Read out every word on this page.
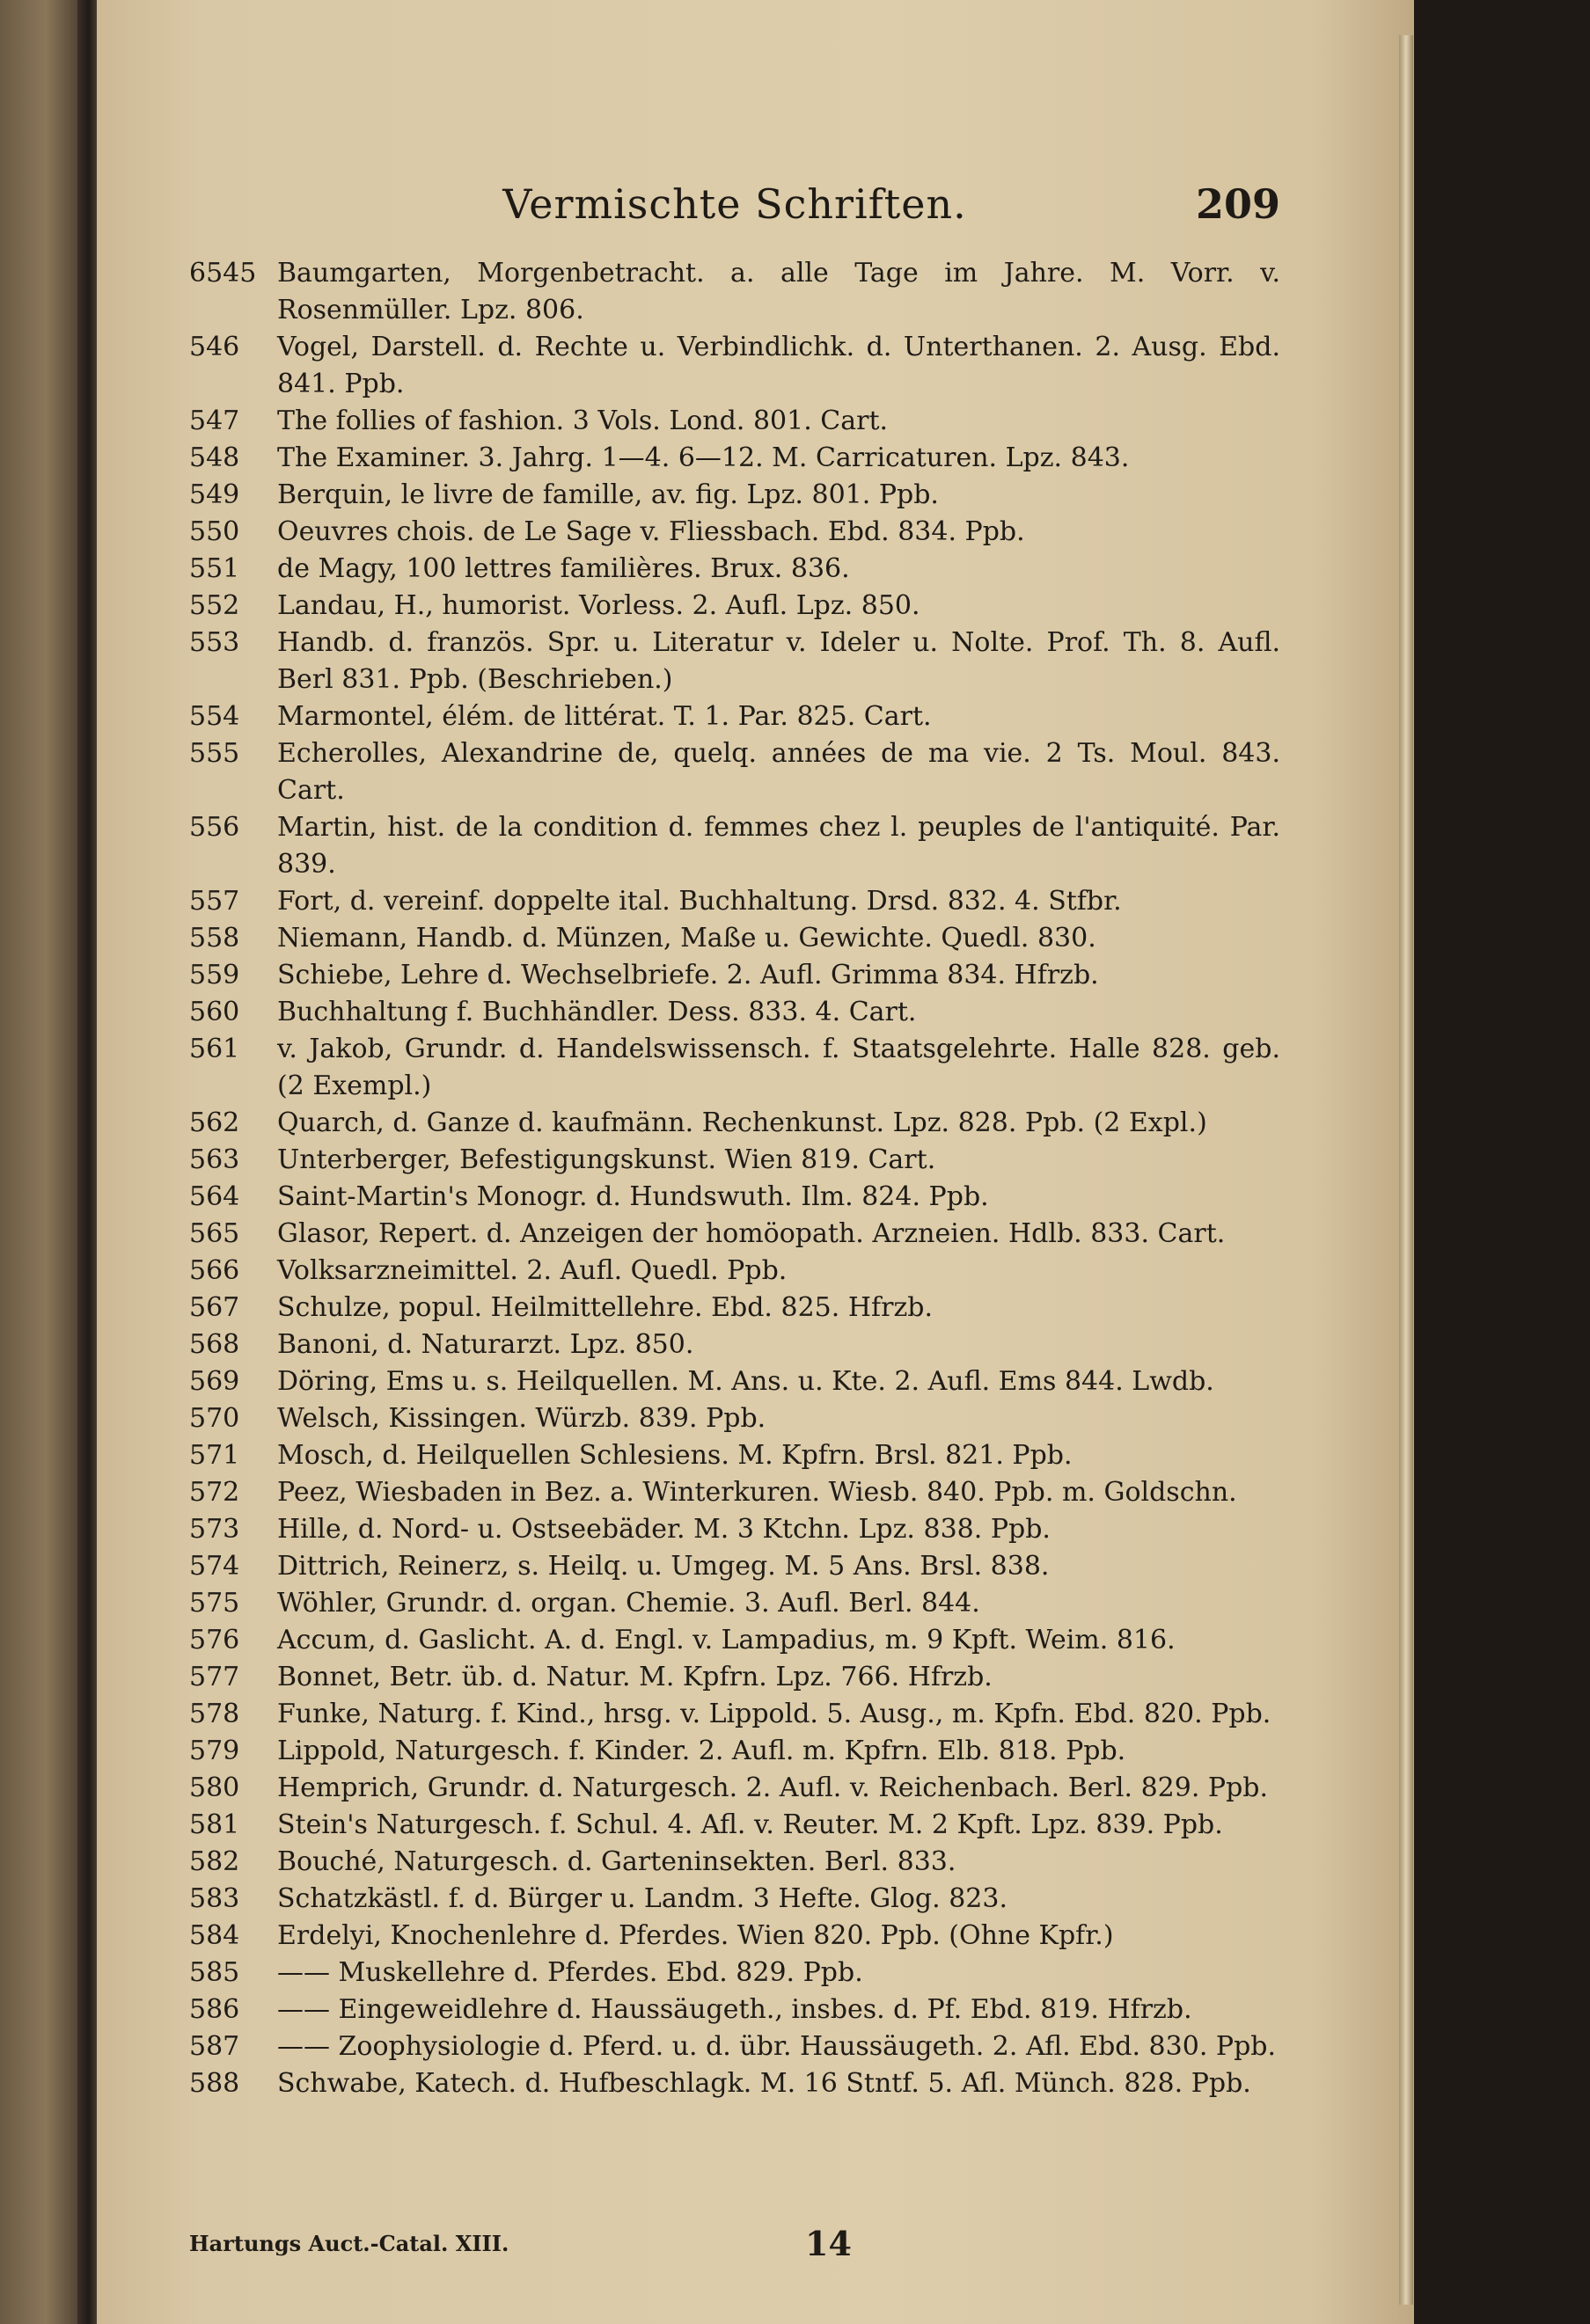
Vermischte Schriften.	209
6545 Baumgarten, Morgenbetracht. a. alle Tage im Jahre. M. Vorr. v. Rosenmüller. Lpz. 806.
546	Vogel, Darstell. d. Rechte u. Verbindlichk. d. Unterthanen. 2. Ausg. Ebd. 841. Ppb.
547	The follies of fashion. 3 Vols. Lond. 801. Cart.
548	The Examiner. 3. Jahrg. 1—4. 6—12. M. Carricaturen. Lpz. 843.
549	Berquin, le livre de famille, av. fig. Lpz. 801. Ppb.
550	Oeuvres chois. de Le Sage v. Fliessbach. Ebd. 834. Ppb.
551	de Magy, 100 lettres familières. Brux. 836.
552	Landau, H., humorist. Vorless. 2. Aufl. Lpz. 850.
553	Handb. d. französ. Spr. u. Literatur v. Ideler u. Nolte. Prof. Th. 8. Aufl. Berl 831. Ppb. (Beschrieben.)
554	Marmontel, élém. de littérat. T. 1. Par. 825. Cart.
555	Echerolles, Alexandrine de, quelq. années de ma vie. 2 Ts. Moul. 843. Cart.
556	Martin, hist. de la condition d. femmes chez l. peuples de l'antiquité. Par. 839.
557	Fort, d. vereinf. doppelte ital. Buchhaltung. Drsd. 832. 4. Stfbr.
558	Niemann, Handb. d. Münzen, Maße u. Gewichte. Quedl. 830.
559	Schiebe, Lehre d. Wechselbriefe. 2. Aufl. Grimma 834. Hfrzb.
560	Buchhaltung f. Buchhändler. Dess. 833. 4. Cart.
561	v. Jakob, Grundr. d. Handelswissensch. f. Staatsgelehrte. Halle 828. geb. (2 Exempl.)
562	Quarch, d. Ganze d. kaufmänn. Rechenkunst. Lpz. 828. Ppb. (2 Expl.)
563	Unterberger, Befestigungskunst. Wien 819. Cart.
564	Saint-Martin's Monogr. d. Hundswuth. Ilm. 824. Ppb.
565	Glasor, Repert. d. Anzeigen der homöopath. Arzneien. Hdlb. 833. Cart.
566	Volksarzneimittel. 2. Aufl. Quedl. Ppb.
567	Schulze, popul. Heilmittellehre. Ebd. 825. Hfrzb.
568	Banoni, d. Naturarzt. Lpz. 850.
569	Döring, Ems u. s. Heilquellen. M. Ans. u. Kte. 2. Aufl. Ems 844. Lwdb.
570	Welsch, Kissingen. Würzb. 839. Ppb.
571	Mosch, d. Heilquellen Schlesiens. M. Kpfrn. Brsl. 821. Ppb.
572	Peez, Wiesbaden in Bez. a. Winterkuren. Wiesb. 840. Ppb. m. Goldschn.
573	Hille, d. Nord- u. Ostseebäder. M. 3 Ktchn. Lpz. 838. Ppb.
574	Dittrich, Reinerz, s. Heilq. u. Umgeg. M. 5 Ans. Brsl. 838.
575	Wöhler, Grundr. d. organ. Chemie. 3. Aufl. Berl. 844.
576	Accum, d. Gaslicht. A. d. Engl. v. Lampadius, m. 9 Kpft. Weim. 816.
577	Bonnet, Betr. üb. d. Natur. M. Kpfrn. Lpz. 766. Hfrzb.
578	Funke, Naturg. f. Kind., hrsg. v. Lippold. 5. Ausg., m. Kpfn. Ebd. 820. Ppb.
579	Lippold, Naturgesch. f. Kinder. 2. Aufl. m. Kpfrn. Elb. 818. Ppb.
580	Hemprich, Grundr. d. Naturgesch. 2. Aufl. v. Reichenbach. Berl. 829. Ppb.
581	Stein's Naturgesch. f. Schul. 4. Afl. v. Reuter. M. 2 Kpft. Lpz. 839. Ppb.
582	Bouché, Naturgesch. d. Garteninsekten. Berl. 833.
583	Schatzkästl. f. d. Bürger u. Landm. 3 Hefte. Glog. 823.
584	Erdelyi, Knochenlehre d. Pferdes. Wien 820. Ppb. (Ohne Kpfr.)
585	—— Muskellehre d. Pferdes. Ebd. 829. Ppb.
586	—— Eingeweidlehre d. Haussäugeth., insbes. d. Pf. Ebd. 819. Hfrzb.
587	—— Zoophysiologie d. Pferd. u. d. übr. Haussäugeth. 2. Afl. Ebd. 830. Ppb.
588	Schwabe, Katech. d. Hufbeschlagk. M. 16 Stntf. 5. Afl. Münch. 828. Ppb.
Hartungs Auct.-Catal. XIII.	14
